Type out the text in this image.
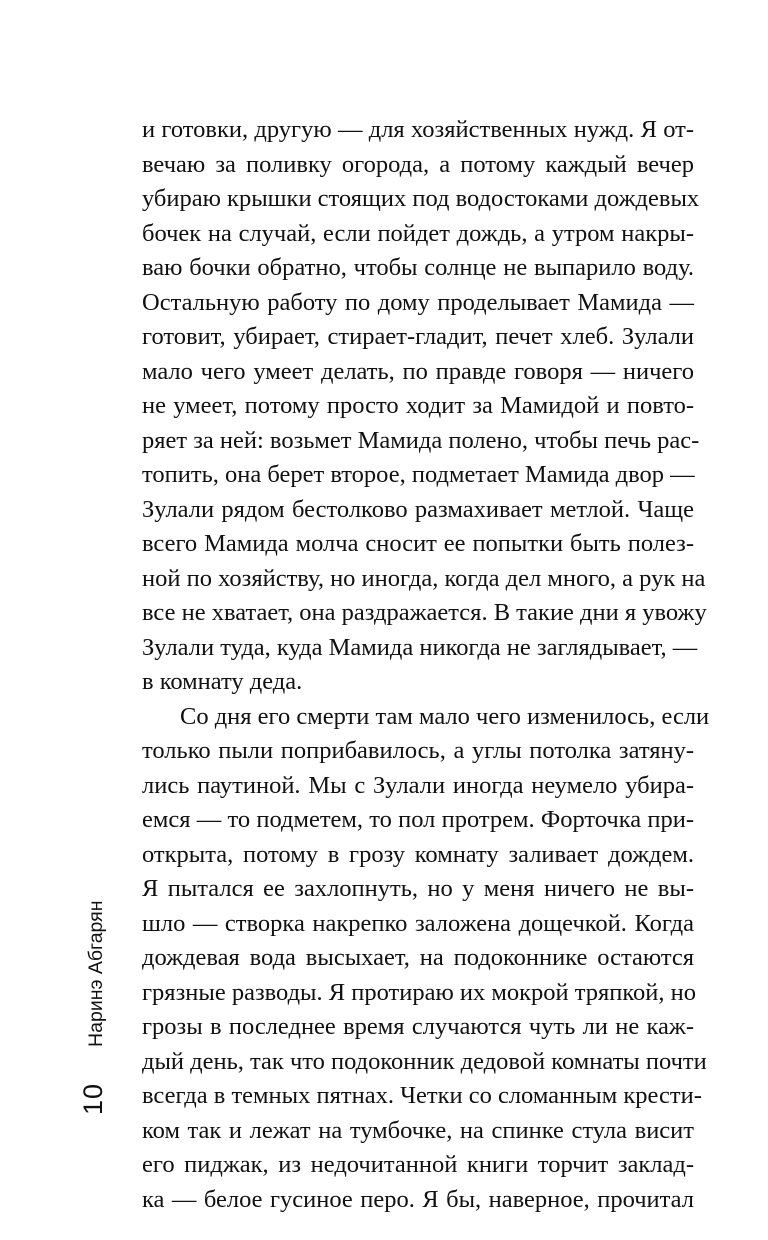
и готовки, другую — для хозяйственных нужд. Я от-
вечаю за поливку огорода, а потому каждый вечер
убираю крышки стоящих под водостоками дождевых
бочек на случай, если пойдет дождь, а утром накры-
ваю бочки обратно, чтобы солнце не выпарило воду.
Остальную работу по дому проделывает Мамида —
готовит, убирает, стирает-гладит, печет хлеб. Зулали
мало чего умеет делать, по правде говоря — ничего
не умеет, потому просто ходит за Мамидой и повто-
ряет за ней: возьмет Мамида полено, чтобы печь рас-
топить, она берет второе, подметает Мамида двор —
Зулали рядом бестолково размахивает метлой. Чаще
всего Мамида молча сносит ее попытки быть полез-
ной по хозяйству, но иногда, когда дел много, а рук на
все не хватает, она раздражается. В такие дни я увожу
Зулали туда, куда Мамида никогда не заглядывает, —
в комнату деда.
Со дня его смерти там мало чего изменилось, если
только пыли поприбавилось, а углы потолка затяну-
лись паутиной. Мы с Зулали иногда неумело убира-
емся — то подметем, то пол протрем. Форточка при-
открыта, потому в грозу комнату заливает дождем.
Я пытался ее захлопнуть, но у меня ничего не вы-
шло — створка накрепко заложена дощечкой. Когда
дождевая вода высыхает, на подоконнике остаются
грязные разводы. Я протираю их мокрой тряпкой, но
грозы в последнее время случаются чуть ли не каж-
дый день, так что подоконник дедовой комнаты почти
всегда в темных пятнах. Четки со сломанным крести-
ком так и лежат на тумбочке, на спинке стула висит
его пиджак, из недочитанной книги торчит заклад-
ка — белое гусиное перо. Я бы, наверное, прочитал
10
Наринэ Абгарян
